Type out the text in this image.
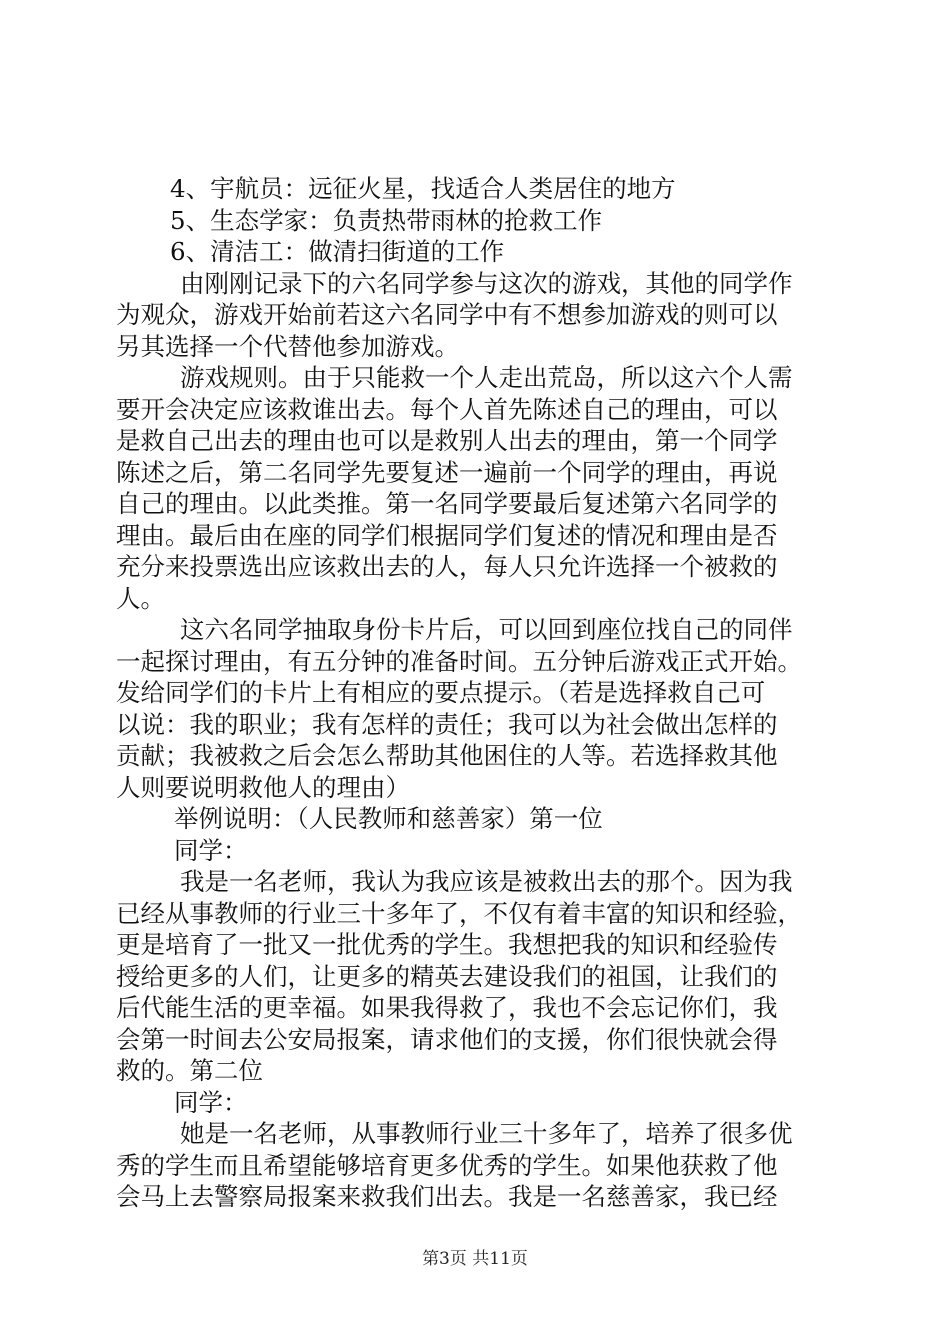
4、宇航员：远征火星，找适合人类居住的地方
5、生态学家：负责热带雨林的抢救工作
6、清洁工：做清扫街道的工作
由刚刚记录下的六名同学参与这次的游戏，其他的同学作
为观众，游戏开始前若这六名同学中有不想参加游戏的则可以
另其选择一个代替他参加游戏。
游戏规则。由于只能救一个人走出荒岛，所以这六个人需
要开会决定应该救谁出去。每个人首先陈述自己的理由，可以
是救自己出去的理由也可以是救别人出去的理由，第一个同学
陈述之后，第二名同学先要复述一遍前一个同学的理由，再说
自己的理由。以此类推。第一名同学要最后复述第六名同学的
理由。最后由在座的同学们根据同学们复述的情况和理由是否
充分来投票选出应该救出去的人，每人只允许选择一个被救的
人。
这六名同学抽取身份卡片后，可以回到座位找自己的同伴
一起探讨理由，有五分钟的准备时间。五分钟后游戏正式开始。
发给同学们的卡片上有相应的要点提示。（若是选择救自己可
以说：我的职业；我有怎样的责任；我可以为社会做出怎样的
贡献；我被救之后会怎么帮助其他困住的人等。若选择救其他
人则要说明救他人的理由）
举例说明：（人民教师和慈善家）第一位
同学：
我是一名老师，我认为我应该是被救出去的那个。因为我
已经从事教师的行业三十多年了，不仅有着丰富的知识和经验，
更是培育了一批又一批优秀的学生。我想把我的知识和经验传
授给更多的人们，让更多的精英去建设我们的祖国，让我们的
后代能生活的更幸福。如果我得救了，我也不会忘记你们，我
会第一时间去公安局报案，请求他们的支援，你们很快就会得
救的。第二位
同学：
她是一名老师，从事教师行业三十多年了，培养了很多优
秀的学生而且希望能够培育更多优秀的学生。如果他获救了他
会马上去警察局报案来救我们出去。我是一名慈善家，我已经
第3页 共11页
